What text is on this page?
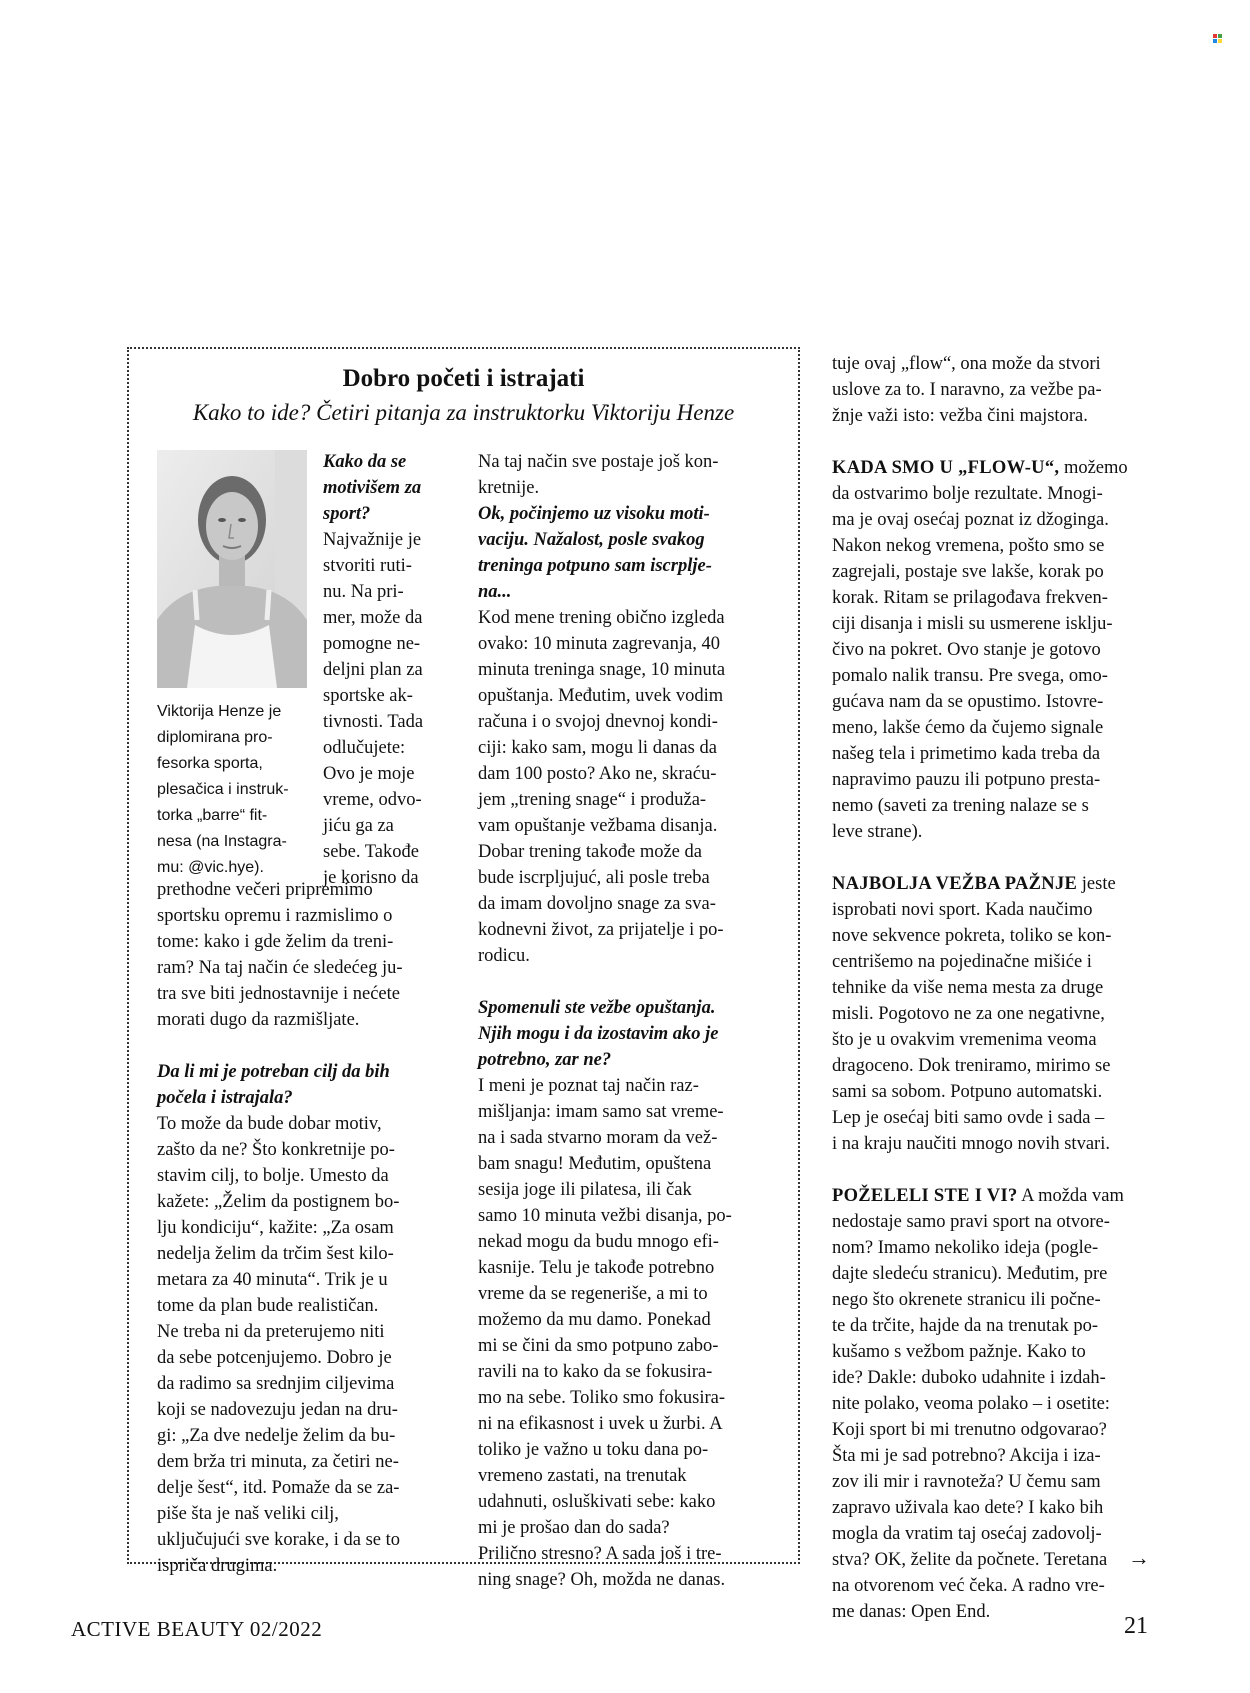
Dobro početi i istrajati

Kako to ide? Četiri pitanja za instruktorku Viktoriju Henze

Viktorija Henze je
diplomirana pro-
fesorka sporta,
plesačica i instruk-
torka „barre“ fit-
nesa (na Instagra-
mu: @vic.hye).
Kako da se
motivišem za
sport?
Najvažnije je
stvoriti ruti-
nu. Na pri-
mer, može da
pomogne ne-
deljni plan za
sportske ak-
tivnosti. Tada
odlučujete:
Ovo je moje
vreme, odvo-
jiću ga za
sebe. Takođe
je korisno da
prethodne večeri pripremimo
sportsku opremu i razmislimo o
tome: kako i gde želim da treni-
ram? Na taj način će sledećeg ju-
tra sve biti jednostavnije i nećete
morati dugo da razmišljate.
Da li mi je potreban cilj da bih
počela i istrajala?
To može da bude dobar motiv,
zašto da ne? Što konkretnije po-
stavim cilj, to bolje. Umesto da
kažete: „Želim da postignem bo-
lju kondiciju“, kažite: „Za osam
nedelja želim da trčim šest kilo-
metara za 40 minuta“. Trik je u
tome da plan bude realističan.
Ne treba ni da preterujemo niti
da sebe potcenjujemo. Dobro je
da radimo sa srednjim ciljevima
koji se nadovezuju jedan na dru-
gi: „Za dve nedelje želim da bu-
dem brža tri minuta, za četiri ne-
delje šest“, itd. Pomaže da se za-
piše šta je naš veliki cilj,
uključujući sve korake, i da se to
ispriča drugima.
Na taj način sve postaje još kon-
kretnije.
Ok, počinjemo uz visoku moti-
vaciju. Nažalost, posle svakog
treninga potpuno sam iscrplje-
na...
Kod mene trening obično izgleda
ovako: 10 minuta zagrevanja, 40
minuta treninga snage, 10 minuta
opuštanja. Međutim, uvek vodim
računa i o svojoj dnevnoj kondi-
ciji: kako sam, mogu li danas da
dam 100 posto? Ako ne, skraću-
jem „trening snage“ i produža-
vam opuštanje vežbama disanja.
Dobar trening takođe može da
bude iscrpljujuć, ali posle treba
da imam dovoljno snage za sva-
kodnevni život, za prijatelje i po-
rodicu.
Spomenuli ste vežbe opuštanja.
Njih mogu i da izostavim ako je
potrebno, zar ne?
I meni je poznat taj način raz-
mišljanja: imam samo sat vreme-
na i sada stvarno moram da vež-
bam snagu! Međutim, opuštena
sesija joge ili pilatesa, ili čak
samo 10 minuta vežbi disanja, po-
nekad mogu da budu mnogo efi-
kasnije. Telu je takođe potrebno
vreme da se regeneriše, a mi to
možemo da mu damo. Ponekad
mi se čini da smo potpuno zabo-
ravili na to kako da se fokusira-
mo na sebe. Toliko smo fokusira-
ni na efikasnost i uvek u žurbi. A
toliko je važno u toku dana po-
vremeno zastati, na trenutak
udahnuti, osluškivati sebe: kako
mi je prošao dan do sada?
Prilično stresno? A sada još i tre-
ning snage? Oh, možda ne danas.
tuje ovaj „flow“, ona može da stvori
uslove za to. I naravno, za vežbe pa-
žnje važi isto: vežba čini majstora.
KADA SMO U „FLOW-U“, možemo
da ostvarimo bolje rezultate. Mnogi-
ma je ovaj osećaj poznat iz džoginga.
Nakon nekog vremena, pošto smo se
zagrejali, postaje sve lakše, korak po
korak. Ritam se prilagođava frekven-
ciji disanja i misli su usmerene isklju-
čivo na pokret. Ovo stanje je gotovo
pomalo nalik transu. Pre svega, omo-
gućava nam da se opustimo. Istovre-
meno, lakše ćemo da čujemo signale
našeg tela i primetimo kada treba da
napravimo pauzu ili potpuno presta-
nemo (saveti za trening nalaze se s
leve strane).
NAJBOLJA VEŽBA PAŽNJE jeste
isprobati novi sport. Kada naučimo
nove sekvence pokreta, toliko se kon-
centrišemo na pojedinačne mišiće i
tehnike da više nema mesta za druge
misli. Pogotovo ne za one negativne,
što je u ovakvim vremenima veoma
dragoceno. Dok treniramo, mirimo se
sami sa sobom. Potpuno automatski.
Lep je osećaj biti samo ovde i sada –
i na kraju naučiti mnogo novih stvari.
POŽELELI STE I VI? A možda vam
nedostaje samo pravi sport na otvore-
nom? Imamo nekoliko ideja (pogle-
dajte sledeću stranicu). Međutim, pre
nego što okrenete stranicu ili počne-
te da trčite, hajde da na trenutak po-
kušamo s vežbom pažnje. Kako to
ide? Dakle: duboko udahnite i izdah-
nite polako, veoma polako – i osetite:
Koji sport bi mi trenutno odgovarao?
Šta mi je sad potrebno? Akcija i iza-
zov ili mir i ravnoteža? U čemu sam
zapravo uživala kao dete? I kako bih
mogla da vratim taj osećaj zadovolj-
stva? OK, želite da počnete. Teretana
na otvorenom već čeka. A radno vre-
me danas: Open End.
→
ACTIVE BEAUTY 02/2022	21
